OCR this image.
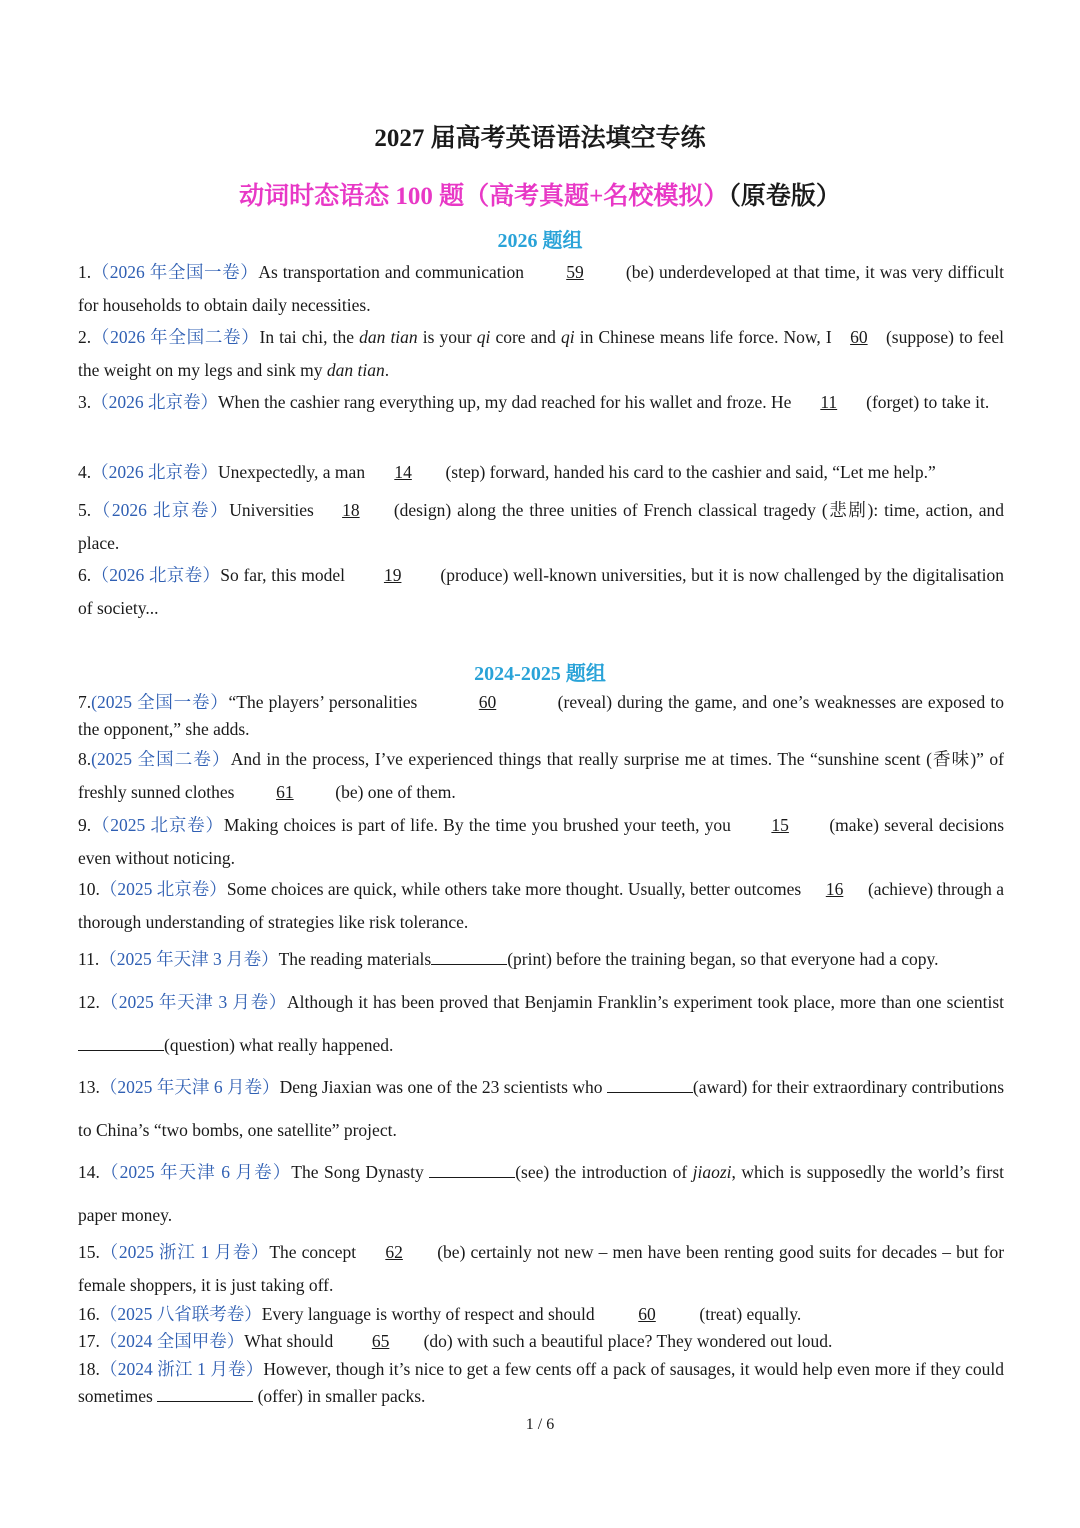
2027 届高考英语语法填空专练
动词时态语态 100 题（高考真题+名校模拟）（原卷版）
2026 题组
1.（2026 年全国一卷）As transportation and communication 59 (be) underdeveloped at that time, it was very difficult for households to obtain daily necessities.
2.（2026 年全国二卷）In tai chi, the dan tian is your qi core and qi in Chinese means life force. Now, I 60 (suppose) to feel the weight on my legs and sink my dan tian.
3.（2026 北京卷）When the cashier rang everything up, my dad reached for his wallet and froze. He 11 (forget) to take it.
4.（2026 北京卷）Unexpectedly, a man 14 (step) forward, handed his card to the cashier and said, “Let me help.”
5.（2026 北京卷）Universities 18 (design) along the three unities of French classical tragedy (悲剧): time, action, and place.
6.（2026 北京卷）So far, this model 19 (produce) well-known universities, but it is now challenged by the digitalisation of society...
2024-2025 题组
7.(2025 全国一卷）“The players’ personalities	60	(reveal) during the game, and one’s weaknesses are exposed to the opponent,” she adds.
8.(2025 全国二卷）And in the process, I’ve experienced things that really surprise me at times. The “sunshine scent (香味)” of freshly sunned clothes 61 (be) one of them.
9.（2025 北京卷）Making choices is part of life. By the time you brushed your teeth, you 15 (make) several decisions even without noticing.
10.（2025 北京卷）Some choices are quick, while others take more thought. Usually, better outcomes 16 (achieve) through a thorough understanding of strategies like risk tolerance.
11.（2025 年天津 3 月卷）The reading materials	(print) before the training began, so that everyone had a copy.
12.（2025 年天津 3 月卷）Although it has been proved that Benjamin Franklin’s experiment took place, more than one scientist(question) what really happened.
13.（2025 年天津 6 月卷）Deng Jiaxian was one of the 23 scientists who	(award) for their extraordinary contributions to China’s “two bombs, one satellite” project.
14.（2025 年天津 6 月卷）The Song Dynasty	(see) the introduction of jiaozi, which is supposedly the world’s first paper money.
15.（2025 浙江 1 月卷）The concept 62 (be) certainly not new – men have been renting good suits for decades – but for female shoppers, it is just taking off.
16.（2025 八省联考卷）Every language is worthy of respect and should 60 (treat) equally.
17.（2024 全国甲卷）What should 65 (do) with such a beautiful place? They wondered out loud.
18.（2024 浙江 1 月卷）However, though it’s nice to get a few cents off a pack of sausages, it would help even more if they could sometimes	(offer) in smaller packs.
1 / 6
